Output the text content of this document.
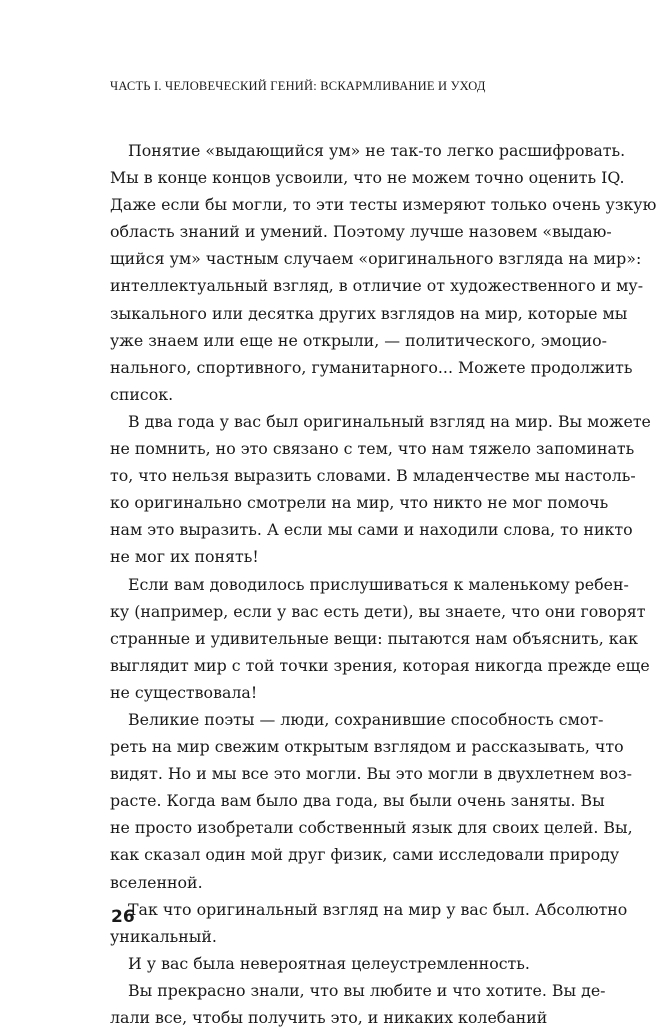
ЧАСТЬ I. ЧЕЛОВЕЧЕСКИЙ ГЕНИЙ: ВСКАРМЛИВАНИЕ И УХОД
Понятие «выдающийся ум» не так-то легко расшифровать.
Мы в конце концов усвоили, что не можем точно оценить IQ.
Даже если бы могли, то эти тесты измеряют только очень узкую
область знаний и умений. Поэтому лучше назовем «выдаю-
щийся ум» частным случаем «оригинального взгляда на мир»:
интеллектуальный взгляд, в отличие от художественного и му-
зыкального или десятка других взглядов на мир, которые мы
уже знаем или еще не открыли, — политического, эмоцио-
нального, спортивного, гуманитарного... Можете продолжить
список.
В два года у вас был оригинальный взгляд на мир. Вы можете
не помнить, но это связано с тем, что нам тяжело запоминать
то, что нельзя выразить словами. В младенчестве мы настоль-
ко оригинально смотрели на мир, что никто не мог помочь
нам это выразить. А если мы сами и находили слова, то никто
не мог их понять!
Если вам доводилось прислушиваться к маленькому ребен-
ку (например, если у вас есть дети), вы знаете, что они говорят
странные и удивительные вещи: пытаются нам объяснить, как
выглядит мир с той точки зрения, которая никогда прежде еще
не существовала!
Великие поэты — люди, сохранившие способность смот-
реть на мир свежим открытым взглядом и рассказывать, что
видят. Но и мы все это могли. Вы это могли в двухлетнем воз-
расте. Когда вам было два года, вы были очень заняты. Вы
не просто изобретали собственный язык для своих целей. Вы,
как сказал один мой друг физик, сами исследовали природу
вселенной.
Так что оригинальный взгляд на мир у вас был. Абсолютно
уникальный.
И у вас была невероятная целеустремленность.
Вы прекрасно знали, что вы любите и что хотите. Вы де-
лали все, чтобы получить это, и никаких колебаний
26
